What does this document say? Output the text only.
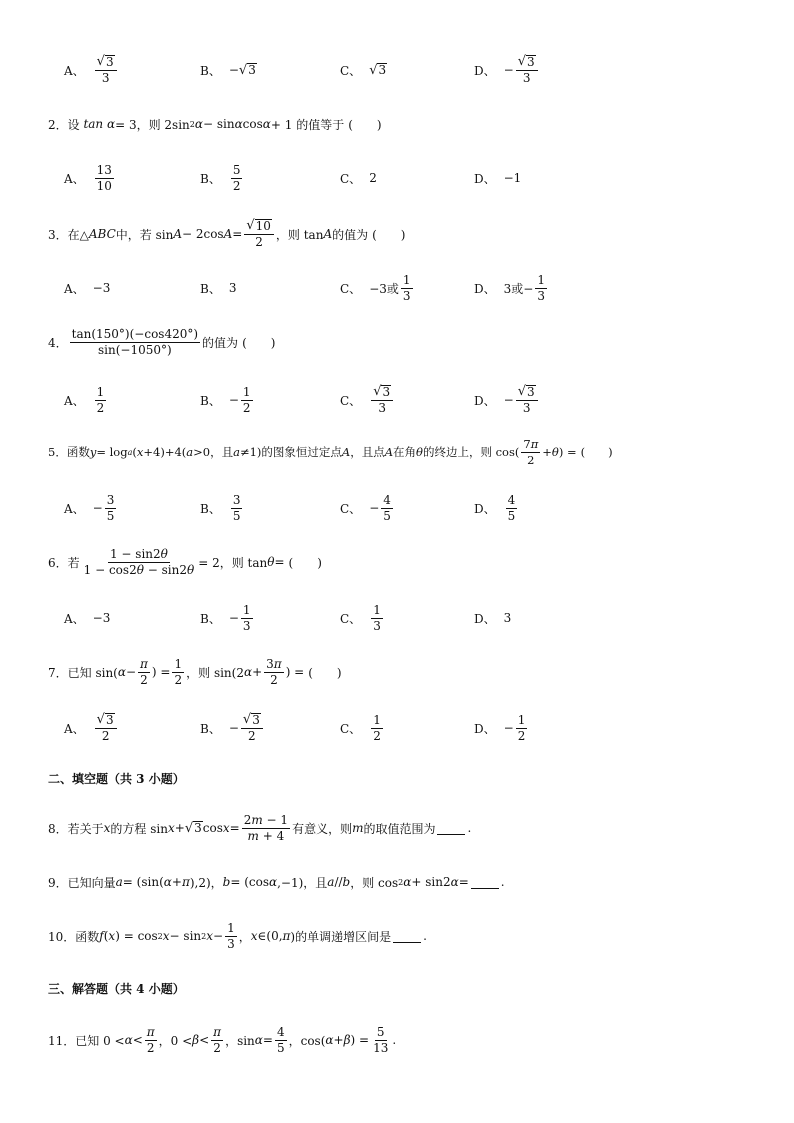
A、 $\frac{√ 3}{3}$	B、 − √ 3	C、 √ 3	D、 − $\frac{√ 3}{3}$
2．设 tan α = 3，则 2sin 2 α − sin α cos α + 1 的值等于 (　　)
A、 $\frac{13}{10}$	B、 $\frac{5}{2}$	C、 2	D、 −1
3．在△ ABC 中，若 sin A − 2cos $A = \frac{√ 10}{2}$ ，则 tan A 的值为 (　　)
A、 −3	B、 3	C、 −3或 $\frac{1}{3}$	D、 3或− $\frac{1}{3}$
4． $\frac{\tan(150^\circ)(-\cos 420^\circ)}{\sin(-1050^\circ)}$ 的值为 (　　)
A、 $\frac{1}{2}$	B、 − $\frac{1}{2}$	C、 $\frac{√ 3}{3}$	D、 − $\frac{√ 3}{3}$
5．函数 y = log a ( x +4)+4( a >0，且 a ≠1)的图象恒过定点 A ，且点 A 在角 θ 的终边上，则 $\cos( \frac{7\pi}{2} + \theta$ ) = (　　)
A、 − $\frac{3}{5}$	B、 $\frac{3}{5}$	C、 − $\frac{4}{5}$	D、 $\frac{4}{5}$
6．若 $\frac{1 - \sin 2\theta}{1 - \cos 2\theta - \sin 2\theta} = 2$，则 tan θ = (　　)
A、 −3	B、 − $\frac{1}{3}$	C、 $\frac{1}{3}$	D、 3
7．已知 sin( $\alpha - \frac{\pi}{2}$ ) = $\frac{1}{2}$ ，则 sin(2 $\alpha + \frac{3\pi}{2}$ ) = (　　)
A、 $\frac{√ 3}{2}$	B、 − $\frac{√ 3}{2}$	C、 $\frac{1}{2}$	D、 − $\frac{1}{2}$
二、填空题（共 3 小题）
8．若关于 x 的方程 sin x + √ 3 $\cos x = \frac{2m - 1}{m + 4}$ 有意义，则 m 的取值范围为	.
9．已知向量 a = (sin( α + π ),2)， b = (cos α ,−1)，且 a // b ，则 cos 2 α + sin2 α =	.
10．函数 f ( x ) = cos 2 x − sin 2 $x - \frac{1}{3}$ ， x ∈(0, π )的单调递增区间是	.
三、解答题（共 4 小题）
11．已知 $0 < \alpha < \frac{\pi}{2}$ ，$0 < \beta < \frac{\pi}{2}$ ，$\sin \alpha = \frac{4}{5}$ ，cos( α + β ) = $\frac{5}{13}$ .
